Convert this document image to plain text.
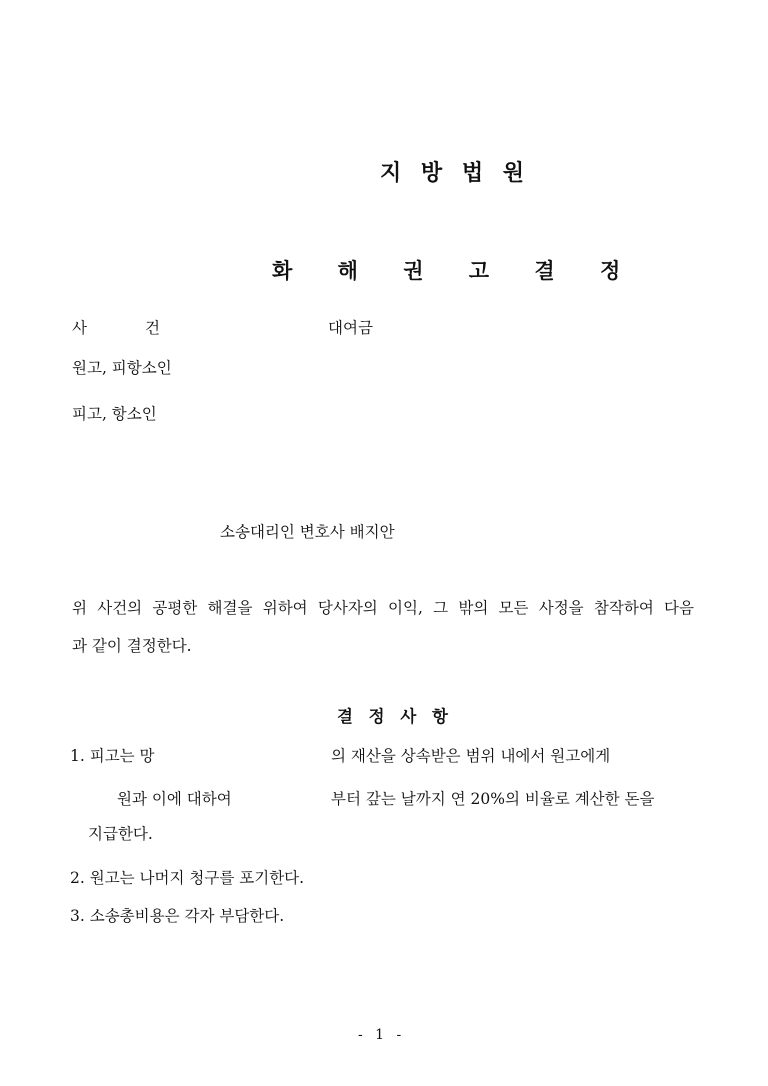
지 방 법 원
화 해 권 고 결 정
사	건	대여금
원고, 피항소인
피고, 항소인
소송대리인 변호사 배지안
위 사건의 공평한 해결을 위하여 당사자의 이익, 그 밖의 모든 사정을 참작하여 다음
과 같이 결정한다.
결 정 사 항
1. 피고는 망	의 재산을 상속받은 범위 내에서 원고에게
원과 이에 대하여	부터 갚는 날까지 연 20%의 비율로 계산한 돈을
지급한다.
2. 원고는 나머지 청구를 포기한다.
3. 소송총비용은 각자 부담한다.
- 1 -
